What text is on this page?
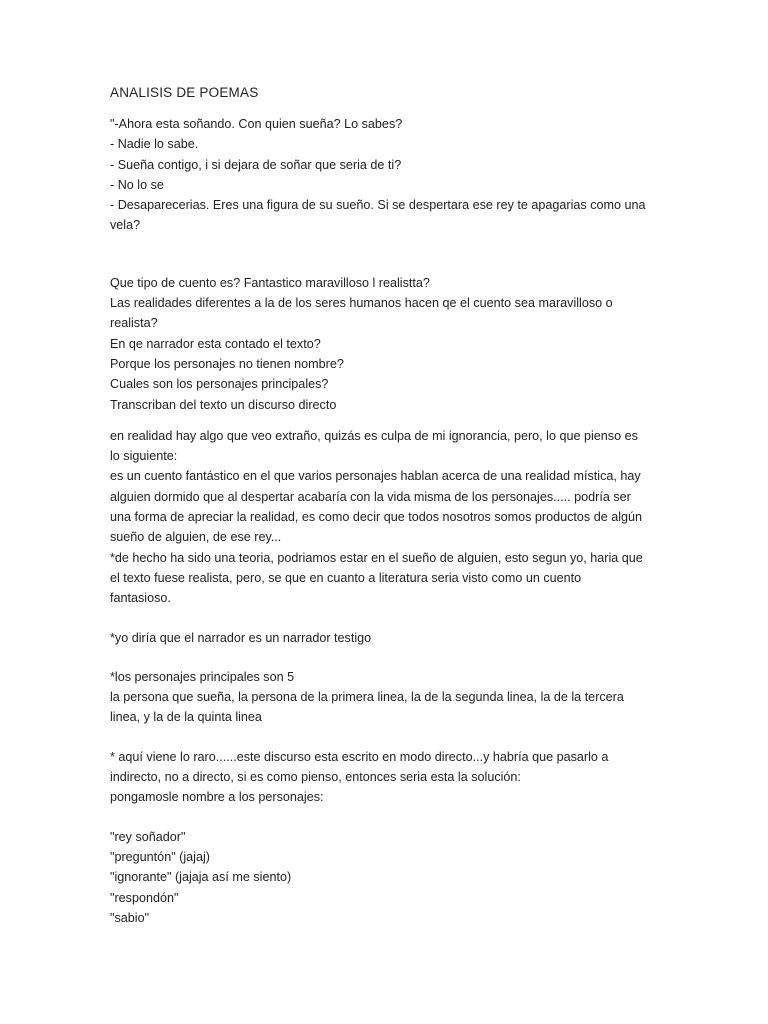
ANALISIS DE POEMAS
"-Ahora esta soñando. Con quien sueña? Lo sabes?
- Nadie lo sabe.
- Sueña contigo, i si dejara de soñar que seria de ti?
- No lo se
- Desaparecerias. Eres una figura de su sueño. Si se despertara ese rey te apagarias como una
vela?
Que tipo de cuento es? Fantastico maravilloso l realistta?
Las realidades diferentes a la de los seres humanos hacen qe el cuento sea maravilloso o
realista?
En qe narrador esta contado el texto?
Porque los personajes no tienen nombre?
Cuales son los personajes principales?
Transcriban del texto un discurso directo
en realidad hay algo que veo extraño, quizás es culpa de mi ignorancia, pero, lo que pienso es
lo siguiente:
es un cuento fantástico en el que varios personajes hablan acerca de una realidad mística, hay
alguien dormido que al despertar acabaría con la vida misma de los personajes..... podría ser
una forma de apreciar la realidad, es como decir que todos nosotros somos productos de algún
sueño de alguien, de ese rey...
*de hecho ha sido una teoria, podriamos estar en el sueño de alguien, esto segun yo, haria que
el texto fuese realista, pero, se que en cuanto a literatura seria visto como un cuento
fantasioso.
*yo diría que el narrador es un narrador testigo
*los personajes principales son 5
la persona que sueña, la persona de la primera linea, la de la segunda linea, la de la tercera
linea, y la de la quinta linea
* aquí viene lo raro......este discurso esta escrito en modo directo...y habría que pasarlo a
indirecto, no a directo, si es como pienso, entonces seria esta la solución:
pongamosle nombre a los personajes:
"rey soñador"
"preguntón" (jajaj)
"ignorante" (jajaja así me siento)
"respondón"
"sabio"
